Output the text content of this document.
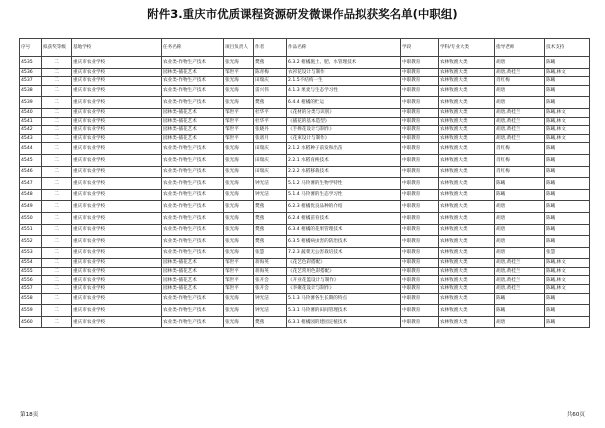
附件3.重庆市优质课程资源研发微课作品拟获奖名单(中职组)
序号	拟获奖等级	基地学校	任务名称	项目负责人	作者	作品名称	学段	学科/专业大类	指导老师	技术支持
4535	二	重庆市农业学校	农业类-作物生产技术	张光海	樊燕	6.3.2 柑橘施土、肥、水管理技术	中职教育	农林牧渔大类	胡唐	陈曦
4536	二	重庆市农业学校	园林类-插花艺术	邹世平	陈青梅	衣衫花设计与制作	中职教育	农林牧渔大类	胡唐,黄桂兰	陈曦,林文
4537	二	重庆市农业学校	农业类-作物生产技术	张光海	田瑞庆	2.1.5不结构一生	中职教育	农林牧渔大类	肖红梅	陈曦
4538	二	重庆市农业学校	农业类-作物生产技术	张光海	雷兴伟	4.1.3 果麦与生态学习性	中职教育	农林牧渔大类	胡唐	陈曦
4539	二	重庆市农业学校	农业类-作物生产技术	张光海	樊燕	6.4.4 柑橘的贮运	中职教育	农林牧渔大类	胡唐	陈曦
4540	二	重庆市农业学校	园林类-插花艺术	邹世平	杜华平	《花材的分类与识别》	中职教育	农林牧渔大类	胡唐,黄桂兰	陈曦,林文
4541	二	重庆市农业学校	园林类-插花艺术	邹世平	杜华平	《插花的基本造型》	中职教育	农林牧渔大类	胡唐,黄桂兰	陈曦,林文
4542	二	重庆市农业学校	园林类-插花艺术	邹世平	张晓丹	《手捧花设计与制作》	中职教育	农林牧渔大类	胡唐,黄桂兰	陈曦,林文
4543	二	重庆市农业学校	园林类-插花艺术	邹世平	张谱月	《花束设计与制作》	中职教育	农林牧渔大类	胡唐,黄桂兰	陈曦,林文
4544	二	重庆市农业学校	农业类-作物生产技术	张光海	田瑞庆	2.1.2 水稻种子前发和出苗	中职教育	农林牧渔大类	肖红梅	陈曦
4545	二	重庆市农业学校	农业类-作物生产技术	张光海	田瑞庆	2.2.1 水稻育秧技术	中职教育	农林牧渔大类	肖红梅	陈曦
4546	二	重庆市农业学校	农业类-作物生产技术	张光海	田瑞庆	2.2.2 水稻移栽技术	中职教育	农林牧渔大类	肖红梅	陈曦
4547	二	重庆市农业学校	农业类-作物生产技术	张光海	钟光洁	5.1.2 马铃薯的生物学特性	中职教育	农林牧渔大类	陈曦	陈曦
4548	二	重庆市农业学校	农业类-作物生产技术	张光海	钟光洁	5.1.4 马铃薯的生态学习性	中职教育	农林牧渔大类	陈曦	陈曦
4549	二	重庆市农业学校	农业类-作物生产技术	张光海	樊燕	6.2.3 柑橘优良品种的介绍	中职教育	农林牧渔大类	胡唐	陈曦
4550	二	重庆市农业学校	农业类-作物生产技术	张光海	樊燕	6.2.4 柑橘苗育技术	中职教育	农林牧渔大类	胡唐	陈曦
4551	二	重庆市农业学校	农业类-作物生产技术	张光海	樊燕	6.3.4 柑橘的花果管理技术	中职教育	农林牧渔大类	胡唐	陈曦
4552	二	重庆市农业学校	农业类-作物生产技术	张光海	樊燕	6.3.5 柑橘病虫害的防治技术	中职教育	农林牧渔大类	胡唐	陈曦
4553	二	重庆市农业学校	农业类-作物生产技术	张光海	张慧	7.2.3 蔬菜无公害栽培技术	中职教育	农林牧渔大类	胡唐	张慧
4554	二	重庆市农业学校	园林类-插花艺术	邹世平	蒋海英	《花艺色彩搭配》	中职教育	农林牧渔大类	胡唐,黄桂兰	陈曦,林文
4555	二	重庆市农业学校	园林类-插花艺术	邹世平	蒋海英	《花艺常用色彩搭配》	中职教育	农林牧渔大类	胡唐,黄桂兰	陈曦,林文
4556	二	重庆市农业学校	园林类-插花艺术	邹世平	张开会	《开业花篮设计与制作》	中职教育	农林牧渔大类	胡唐,黄桂兰	陈曦,林文
4557	二	重庆市农业学校	园林类-插花艺术	邹世平	张开会	《李聚花设计与制作》	中职教育	农林牧渔大类	胡唐,黄桂兰	陈曦,林文
4558	二	重庆市农业学校	农业类-作物生产技术	张光海	钟光洁	5.1.3 马铃薯各生长期的特点	中职教育	农林牧渔大类	陈曦	陈曦
4559	二	重庆市农业学校	农业类-作物生产技术	张光海	钟光洁	5.3.1 马铃薯的田间管理技术	中职教育	农林牧渔大类	陈曦	陈曦
4560	二	重庆市农业学校	农业类-作物生产技术	张光海	樊燕	6.3.1 柑橘园的建园定植技术	中职教育	农林牧渔大类	胡唐	陈曦
第18页	共60页
